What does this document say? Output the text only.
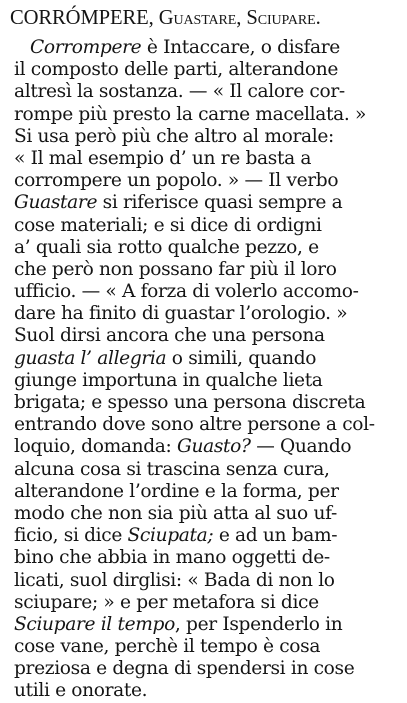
CORRÓMPERE, Guastare, Sciupare.
Corrompere è Intaccare, o disfare
il composto delle parti, alterandone
altresì la sostanza. — « Il calore cor-
rompe più presto la carne macellata. »
Si usa però più che altro al morale:
« Il mal esempio d’ un re basta a
corrompere un popolo. » — Il verbo
Guastare si riferisce quasi sempre a
cose materiali; e si dice di ordigni
a’ quali sia rotto qualche pezzo, e
che però non possano far più il loro
ufficio. — « A forza di volerlo accomo-
dare ha finito di guastar l’orologio. »
Suol dirsi ancora che una persona
guasta l’ allegria o simili, quando
giunge importuna in qualche lieta
brigata; e spesso una persona discreta
entrando dove sono altre persone a col-
loquio, domanda: Guasto? — Quando
alcuna cosa si trascina senza cura,
alterandone l’ordine e la forma, per
modo che non sia più atta al suo uf-
ficio, si dice Sciupata; e ad un bam-
bino che abbia in mano oggetti de-
licati, suol dirglisi: « Bada di non lo
sciupare; » e per metafora si dice
Sciupare il tempo, per Ispenderlo in
cose vane, perchè il tempo è cosa
preziosa e degna di spendersi in cose
utili e onorate.
